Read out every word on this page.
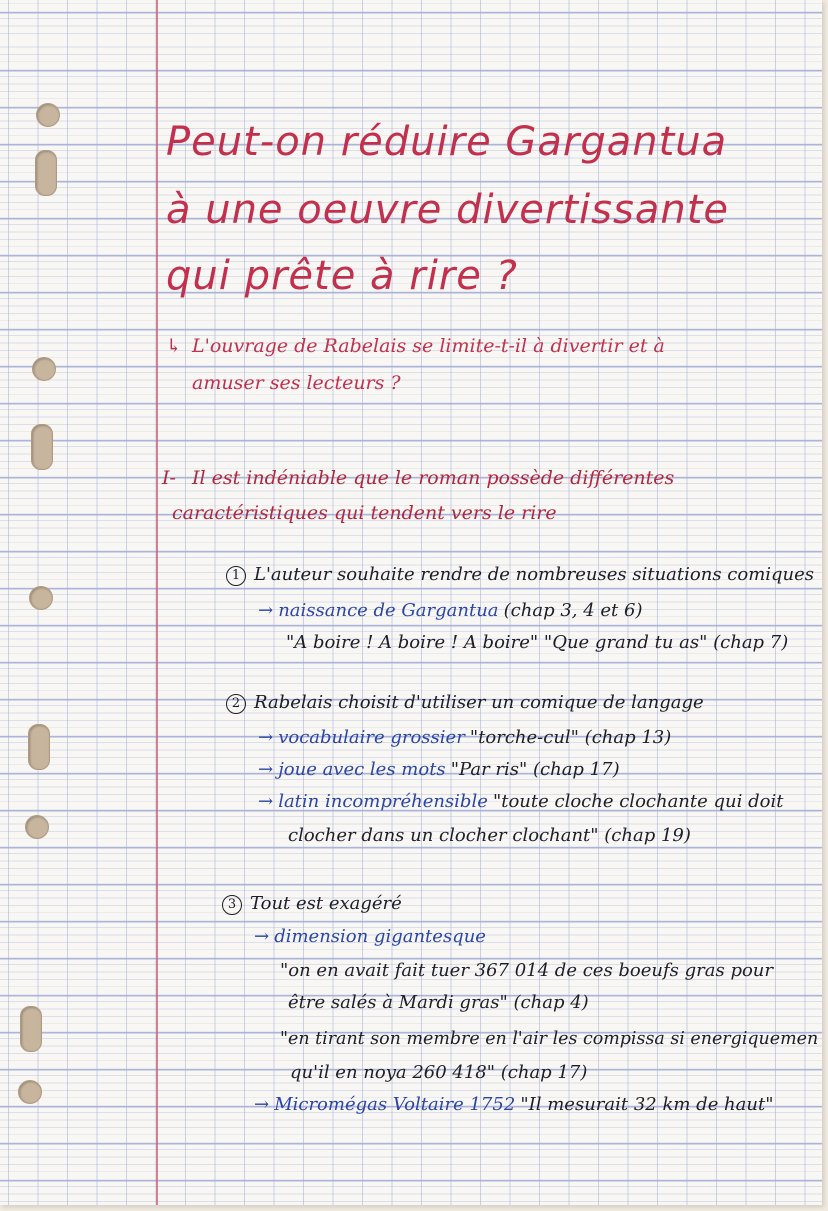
Peut-on réduire Gargantua
à une oeuvre divertissante
qui prête à rire ?
↳ L'ouvrage de Rabelais se limite-t-il à divertir et à
amuser ses lecteurs ?
I- Il est indéniable que le roman possède différentes
caractéristiques qui tendent vers le rire
1 L'auteur souhaite rendre de nombreuses situations comiques
→ naissance de Gargantua (chap 3, 4 et 6)
"A boire ! A boire ! A boire" "Que grand tu as" (chap 7)
2 Rabelais choisit d'utiliser un comique de langage
→ vocabulaire grossier "torche-cul" (chap 13)
→ joue avec les mots "Par ris" (chap 17)
→ latin incompréhensible "toute cloche clochante qui doit
clocher dans un clocher clochant" (chap 19)
3 Tout est exagéré
→ dimension gigantesque
"on en avait fait tuer 367 014 de ces boeufs gras pour
être salés à Mardi gras" (chap 4)
"en tirant son membre en l'air les compissa si energiquemen
qu'il en noya 260 418" (chap 17)
→ Micromégas Voltaire 1752 "Il mesurait 32 km de haut"
